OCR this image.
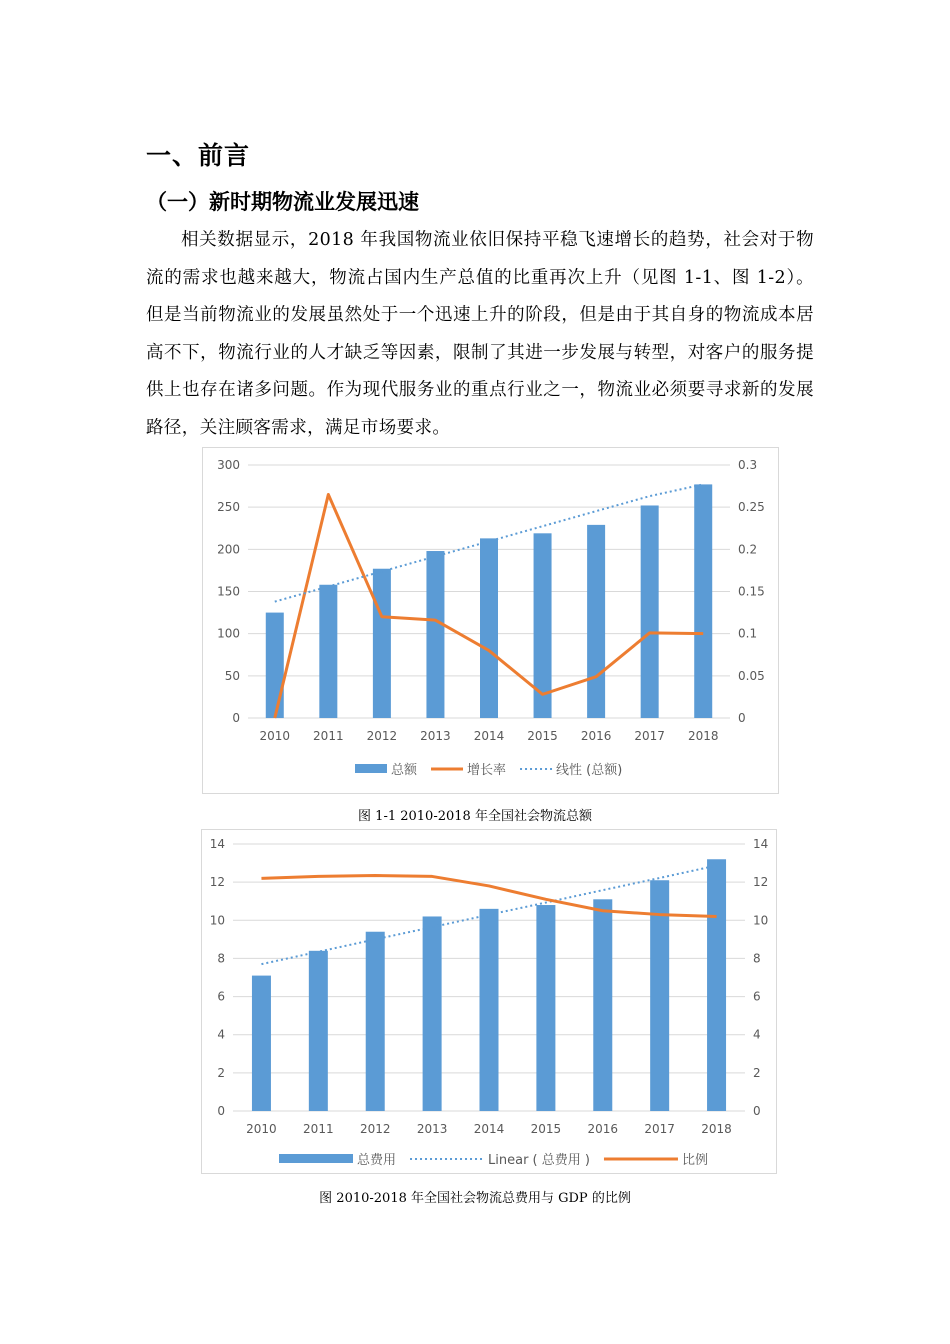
一、前言
（一）新时期物流业发展迅速

相关数据显示，2018 年我国物流业依旧保持平稳飞速增长的趋势，社会对于物流的需求也越来越大，物流占国内生产总值的比重再次上升（见图 1-1、图 1-2）。但是当前物流业的发展虽然处于一个迅速上升的阶段，但是由于其自身的物流成本居高不下，物流行业的人才缺乏等因素，限制了其进一步发展与转型，对客户的服务提供上也存在诸多问题。作为现代服务业的重点行业之一，物流业必须要寻求新的发展路径，关注顾客需求，满足市场要求。

0
50
100
150
200
250
300
0
0.05
0.1
0.15
0.2
0.25
0.3
2010 2011 2012 2013 2014 2015 2016 2017 2018
总额	增长率	线性 (总额)
图 1-1 2010-2018 年全国社会物流总额
0
2
4
6
8
10
12
14
0
2
4
6
8
10
12
14
2010 2011 2012 2013 2014 2015 2016 2017 2018
总费用	Linear ( 总费用 )	比例
图 2010-2018 年全国社会物流总费用与 GDP 的比例
